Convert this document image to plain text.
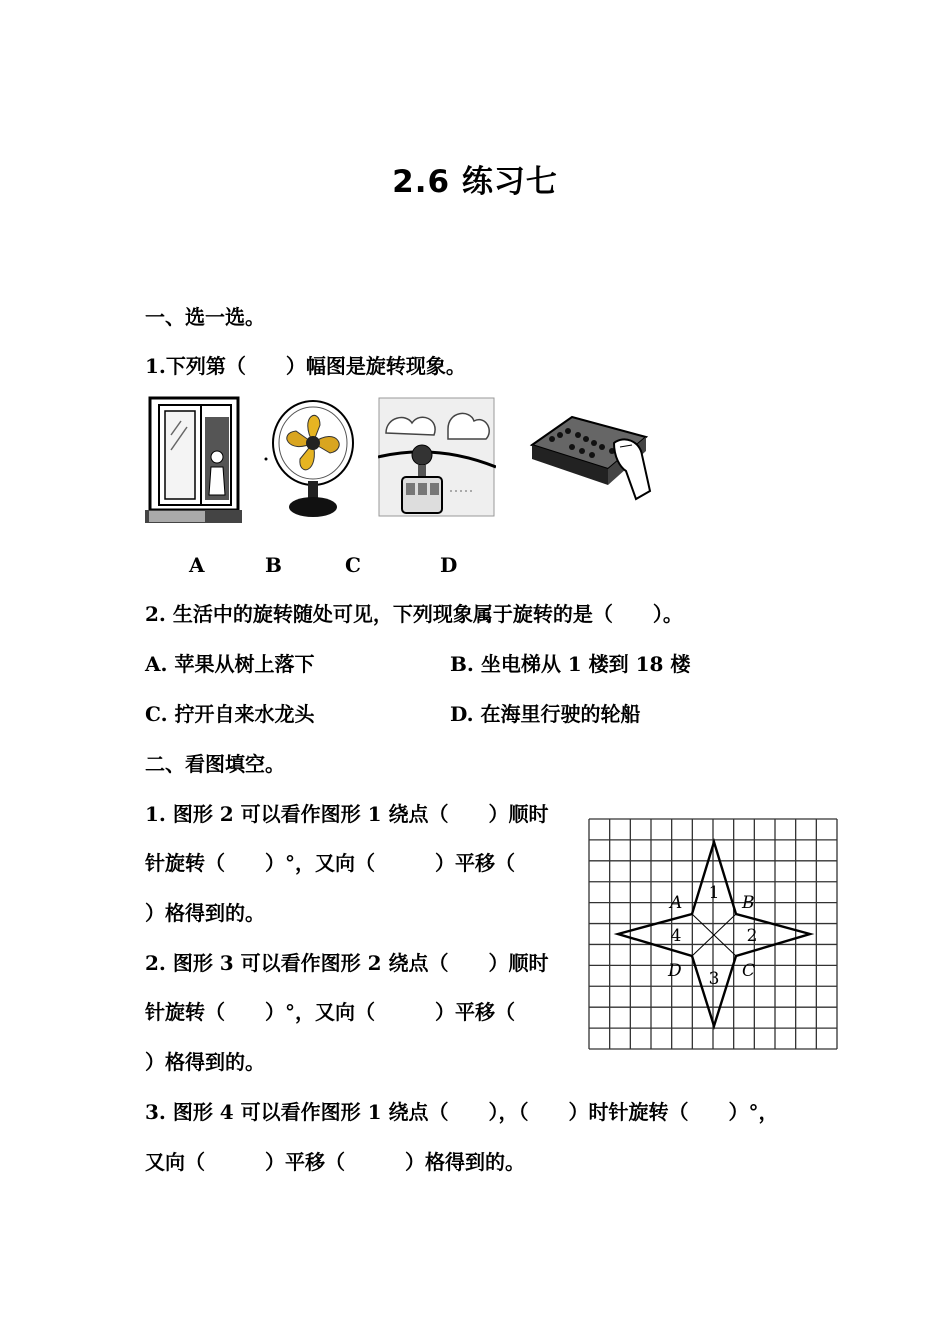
2.6 练习七
一、选一选。
1.下列第（　　）幅图是旋转现象。
A	B	C	D
2. 生活中的旋转随处可见，下列现象属于旋转的是（　　）。
A. 苹果从树上落下	B. 坐电梯从 1 楼到 18 楼
C. 拧开自来水龙头	D. 在海里行驶的轮船
二、看图填空。
1. 图形 2 可以看作图形 1 绕点（　　）顺时
针旋转（　　）°，又向（　　　）平移（
）格得到的。
2. 图形 3 可以看作图形 2 绕点（　　）顺时
针旋转（　　）°，又向（　　　）平移（
）格得到的。
3. 图形 4 可以看作图形 1 绕点（　　），（　　）时针旋转（　　）°，
又向（　　　）平移（　　　）格得到的。
A	B
C
D
1
2
3
4
